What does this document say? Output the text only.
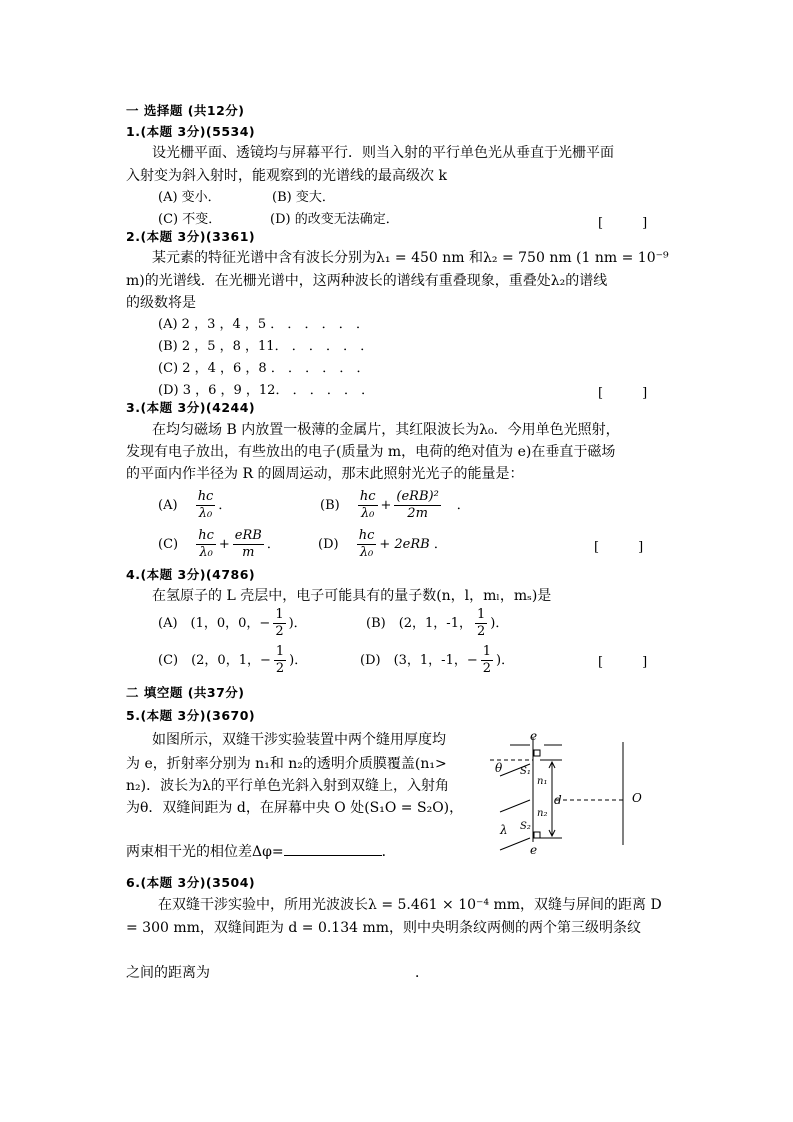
一 选择题 (共12分)
1.(本题 3分)(5534)
设光栅平面、透镜均与屏幕平行．则当入射的平行单色光从垂直于光栅平面
入射变为斜入射时，能观察到的光谱线的最高级次 k
(A) 变小．	(B) 变大．
(C) 不变．	(D) 的改变无法确定．	[　　　]
2.(本题 3分)(3361)
某元素的特征光谱中含有波长分别为λ₁ = 450 nm 和λ₂ = 750 nm (1 nm = 10⁻⁹
m)的光谱线．在光栅光谱中，这两种波长的谱线有重叠现象，重叠处λ₂的谱线
的级数将是
(A) 2 ，3 ，4 ，5 ． ． ． ． ． ．
(B) 2 ，5 ，8 ，11． ． ． ． ． ．
(C) 2 ，4 ，6 ，8 ． ． ． ． ． ．
(D) 3 ，6 ，9 ，12． ． ． ． ． ．	[　　　]
3.(本题 3分)(4244)
在均匀磁场 B 内放置一极薄的金属片，其红限波长为λ₀．今用单色光照射，
发现有电子放出，有些放出的电子(质量为 m，电荷的绝对值为 e)在垂直于磁场
的平面内作半径为 R 的圆周运动，那末此照射光光子的能量是：
$(A) \frac{hc}{\text{λ₀}}$ ．	$(B) \frac{hc}{\text{λ₀}} + \frac{\text{(eRB)²}}{2m}$ 　．
$(C) \frac{hc}{\text{λ₀}} + \frac{\text{eRB}}{m}$ ．	$(D) \frac{hc}{\text{λ₀}} + 2eRB$ ．	[　　　]
4.(本题 3分)(4786)
在氢原子的 L 壳层中，电子可能具有的量子数(n，l，mₗ，mₛ)是
(A)　(1，0，0，− $\frac{1}{2}$ )．	(B)　(2，1，-1， $\frac{1}{2}$ )．
(C)　(2，0，1，− $\frac{1}{2}$ )．	(D)　(3，1，-1，− $\frac{1}{2}$ )．	[　　　]
二 填空题 (共37分)
5.(本题 3分)(3670)
如图所示，双缝干涉实验装置中两个缝用厚度均
为 e，折射率分别为 n₁和 n₂的透明介质膜覆盖(n₁>
n₂)．波长为λ的平行单色光斜入射到双缝上，入射角
为θ．双缝间距为 d，在屏幕中央 O 处(S₁O = S₂O)，
两束相干光的相位差Δφ=	．
e
e
θ S₁
S₂
n₁
n₂
d	O
λ
6.(本题 3分)(3504)
在双缝干涉实验中，所用光波波长λ = 5.461 × 10⁻⁴ mm，双缝与屏间的距离 D
= 300 mm，双缝间距为 d = 0.134 mm，则中央明条纹两侧的两个第三级明条纹
之间的距离为	．
